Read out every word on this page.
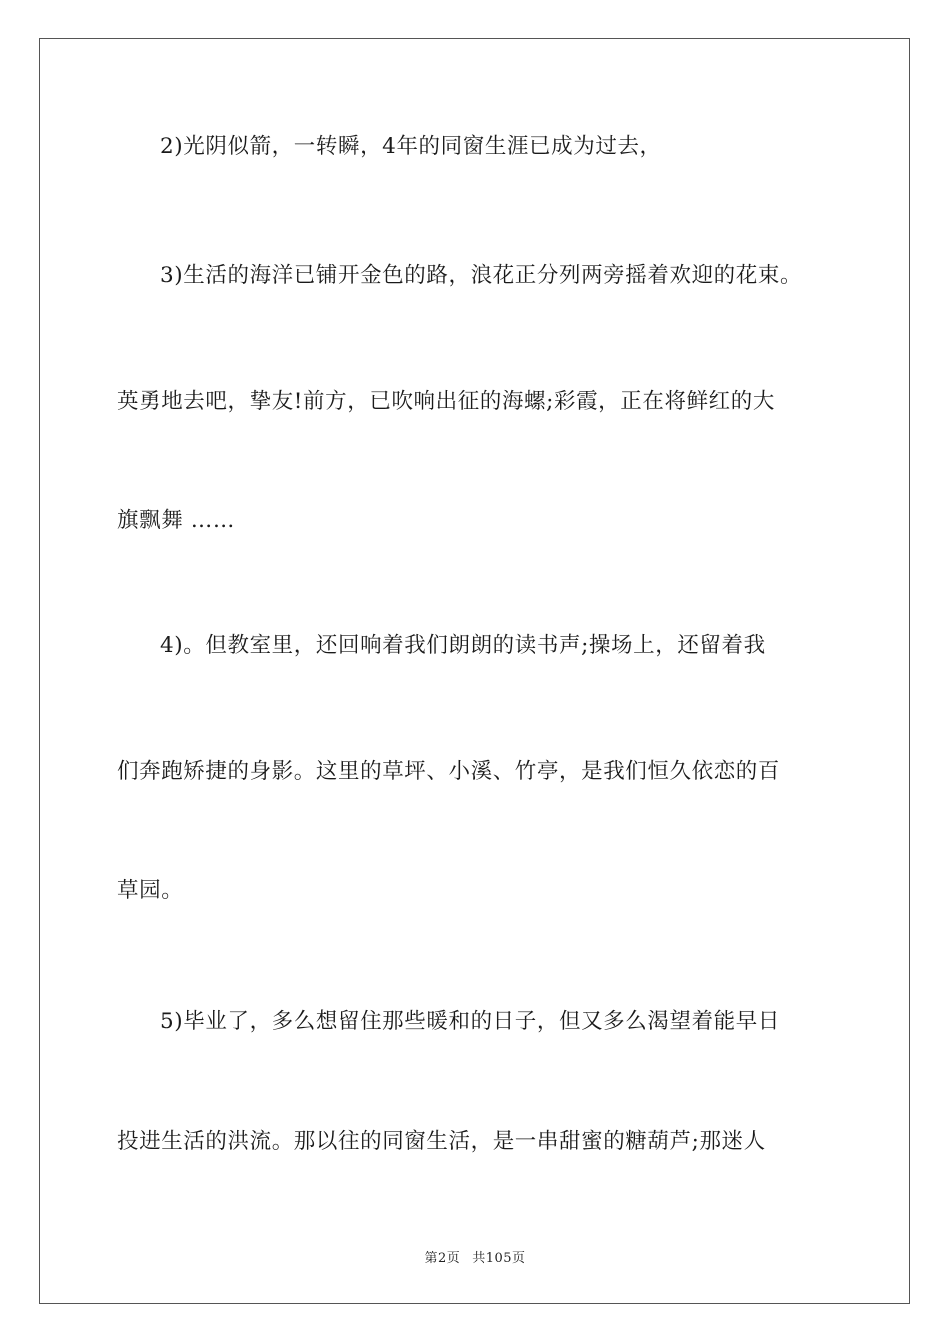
2)光阴似箭，一转瞬，4年的同窗生涯已成为过去，
3)生活的海洋已铺开金色的路，浪花正分列两旁摇着欢迎的花束。
英勇地去吧，挚友!前方，已吹响出征的海螺;彩霞，正在将鲜红的大
旗飘舞 ……
4)。但教室里，还回响着我们朗朗的读书声;操场上，还留着我
们奔跑矫捷的身影。这里的草坪、小溪、竹亭，是我们恒久依恋的百
草园。
5)毕业了，多么想留住那些暖和的日子，但又多么渴望着能早日
投进生活的洪流。那以往的同窗生活，是一串甜蜜的糖葫芦;那迷人
第2页 共105页
